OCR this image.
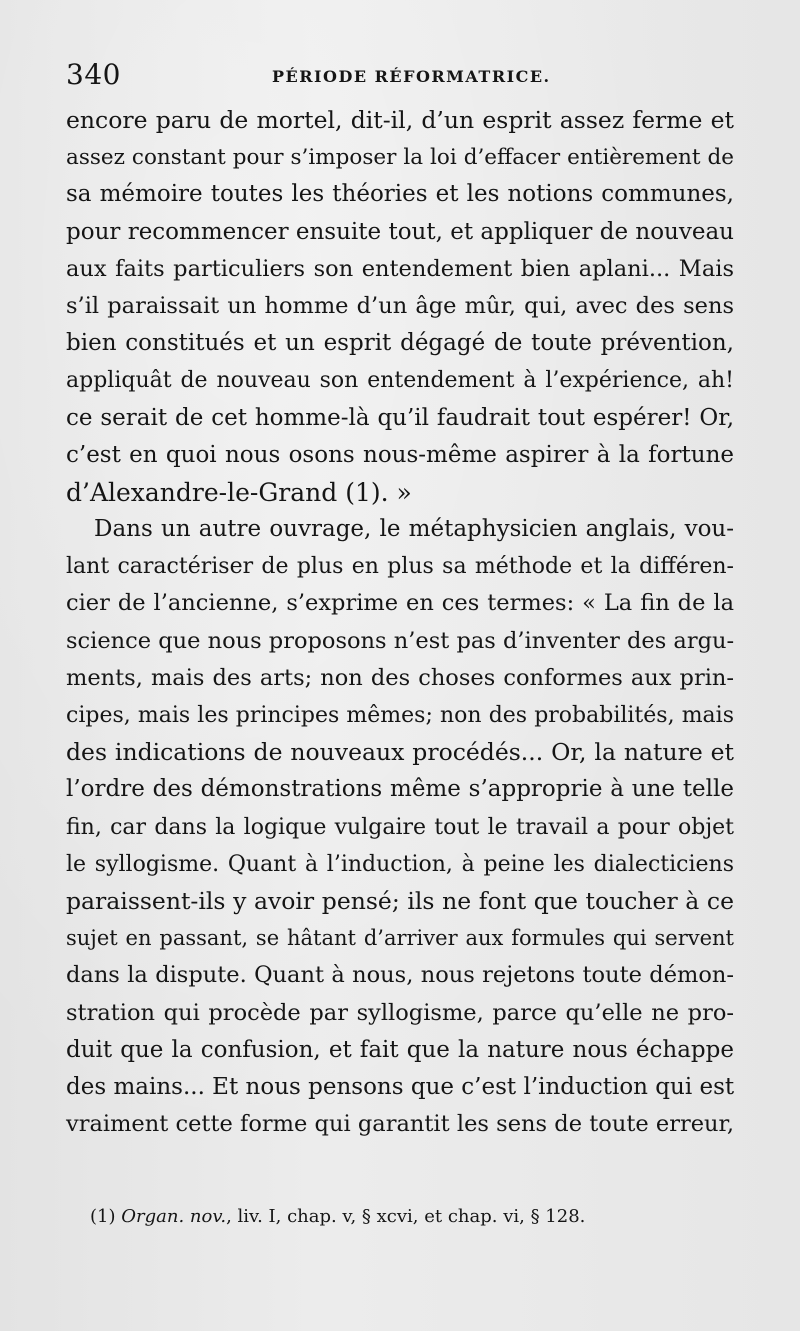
340	PÉRIODE RÉFORMATRICE.
encore paru de mortel, dit-il, d’un esprit assez ferme et
assez constant pour s’imposer la loi d’effacer entièrement de
sa mémoire toutes les théories et les notions communes,
pour recommencer ensuite tout, et appliquer de nouveau
aux faits particuliers son entendement bien aplani... Mais
s’il paraissait un homme d’un âge mûr, qui, avec des sens
bien constitués et un esprit dégagé de toute prévention,
appliquât de nouveau son entendement à l’expérience, ah!
ce serait de cet homme-là qu’il faudrait tout espérer! Or,
c’est en quoi nous osons nous-même aspirer à la fortune
d’Alexandre-le-Grand (1). »
Dans un autre ouvrage, le métaphysicien anglais, vou-
lant caractériser de plus en plus sa méthode et la différen-
cier de l’ancienne, s’exprime en ces termes: « La fin de la
science que nous proposons n’est pas d’inventer des argu-
ments, mais des arts; non des choses conformes aux prin-
cipes, mais les principes mêmes; non des probabilités, mais
des indications de nouveaux procédés... Or, la nature et
l’ordre des démonstrations même s’approprie à une telle
fin, car dans la logique vulgaire tout le travail a pour objet
le syllogisme. Quant à l’induction, à peine les dialecticiens
paraissent-ils y avoir pensé; ils ne font que toucher à ce
sujet en passant, se hâtant d’arriver aux formules qui servent
dans la dispute. Quant à nous, nous rejetons toute démon-
stration qui procède par syllogisme, parce qu’elle ne pro-
duit que la confusion, et fait que la nature nous échappe
des mains... Et nous pensons que c’est l’induction qui est
vraiment cette forme qui garantit les sens de toute erreur,
(1) Organ. nov., liv. I, chap. v, § xcvi, et chap. vi, § 128.
